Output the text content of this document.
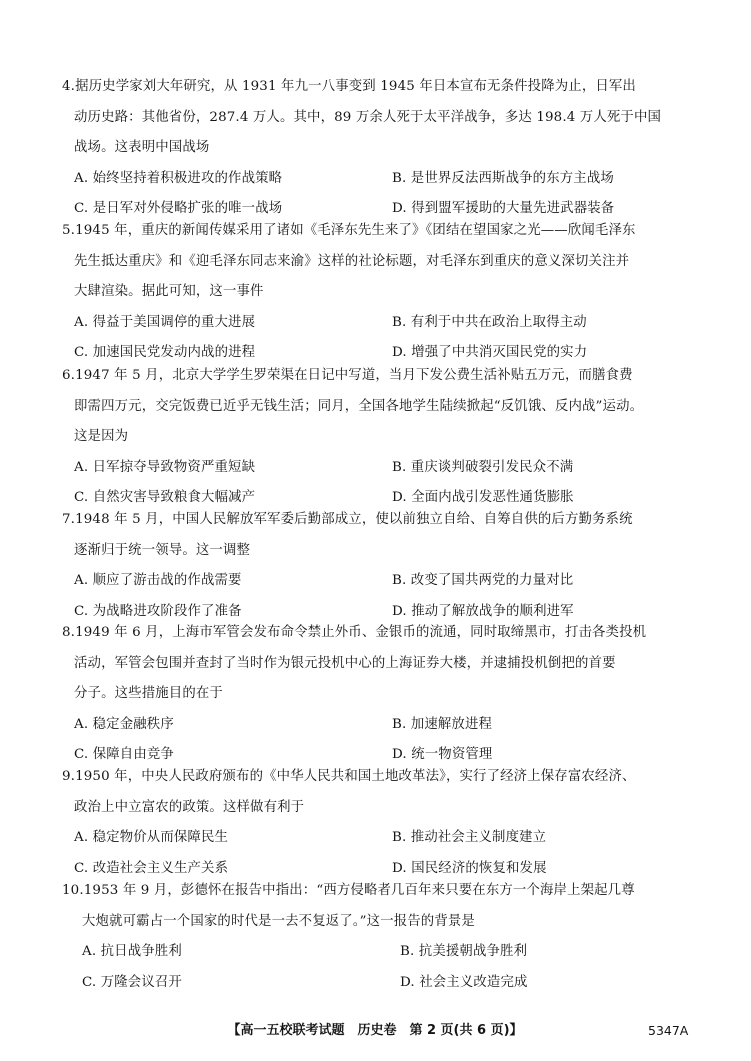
4.据历史学家刘大年研究，从 1931 年九一八事变到 1945 年日本宣布无条件投降为止，日军出
动历史路：其他省份，287.4 万人。其中，89 万余人死于太平洋战争，多达 198.4 万人死于中国
战场。这表明中国战场
A. 始终坚持着积极进攻的作战策略	B. 是世界反法西斯战争的东方主战场
C. 是日军对外侵略扩张的唯一战场	D. 得到盟军援助的大量先进武器装备
5.1945 年，重庆的新闻传媒采用了诸如《毛泽东先生来了》《团结在望国家之光——欣闻毛泽东
先生抵达重庆》和《迎毛泽东同志来渝》这样的社论标题，对毛泽东到重庆的意义深切关注并
大肆渲染。据此可知，这一事件
A. 得益于美国调停的重大进展	B. 有利于中共在政治上取得主动
C. 加速国民党发动内战的进程	D. 增强了中共消灭国民党的实力
6.1947 年 5 月，北京大学学生罗荣渠在日记中写道，当月下发公费生活补贴五万元，而膳食费
即需四万元，交完饭费已近乎无钱生活；同月，全国各地学生陆续掀起“反饥饿、反内战”运动。
这是因为
A. 日军掠夺导致物资严重短缺	B. 重庆谈判破裂引发民众不满
C. 自然灾害导致粮食大幅减产	D. 全面内战引发恶性通货膨胀
7.1948 年 5 月，中国人民解放军军委后勤部成立，使以前独立自给、自筹自供的后方勤务系统
逐渐归于统一领导。这一调整
A. 顺应了游击战的作战需要	B. 改变了国共两党的力量对比
C. 为战略进攻阶段作了准备	D. 推动了解放战争的顺利进军
8.1949 年 6 月，上海市军管会发布命令禁止外币、金银币的流通，同时取缔黑市，打击各类投机
活动，军管会包围并查封了当时作为银元投机中心的上海证券大楼，并逮捕投机倒把的首要
分子。这些措施目的在于
A. 稳定金融秩序	B. 加速解放进程
C. 保障自由竞争	D. 统一物资管理
9.1950 年，中央人民政府颁布的《中华人民共和国土地改革法》，实行了经济上保存富农经济、
政治上中立富农的政策。这样做有利于
A. 稳定物价从而保障民生	B. 推动社会主义制度建立
C. 改造社会主义生产关系	D. 国民经济的恢复和发展
10.1953 年 9 月，彭德怀在报告中指出：“西方侵略者几百年来只要在东方一个海岸上架起几尊
大炮就可霸占一个国家的时代是一去不复返了。”这一报告的背景是
A. 抗日战争胜利	B. 抗美援朝战争胜利
C. 万隆会议召开	D. 社会主义改造完成
【高一五校联考试题　历史卷　第 2 页(共 6 页)】	5347A
